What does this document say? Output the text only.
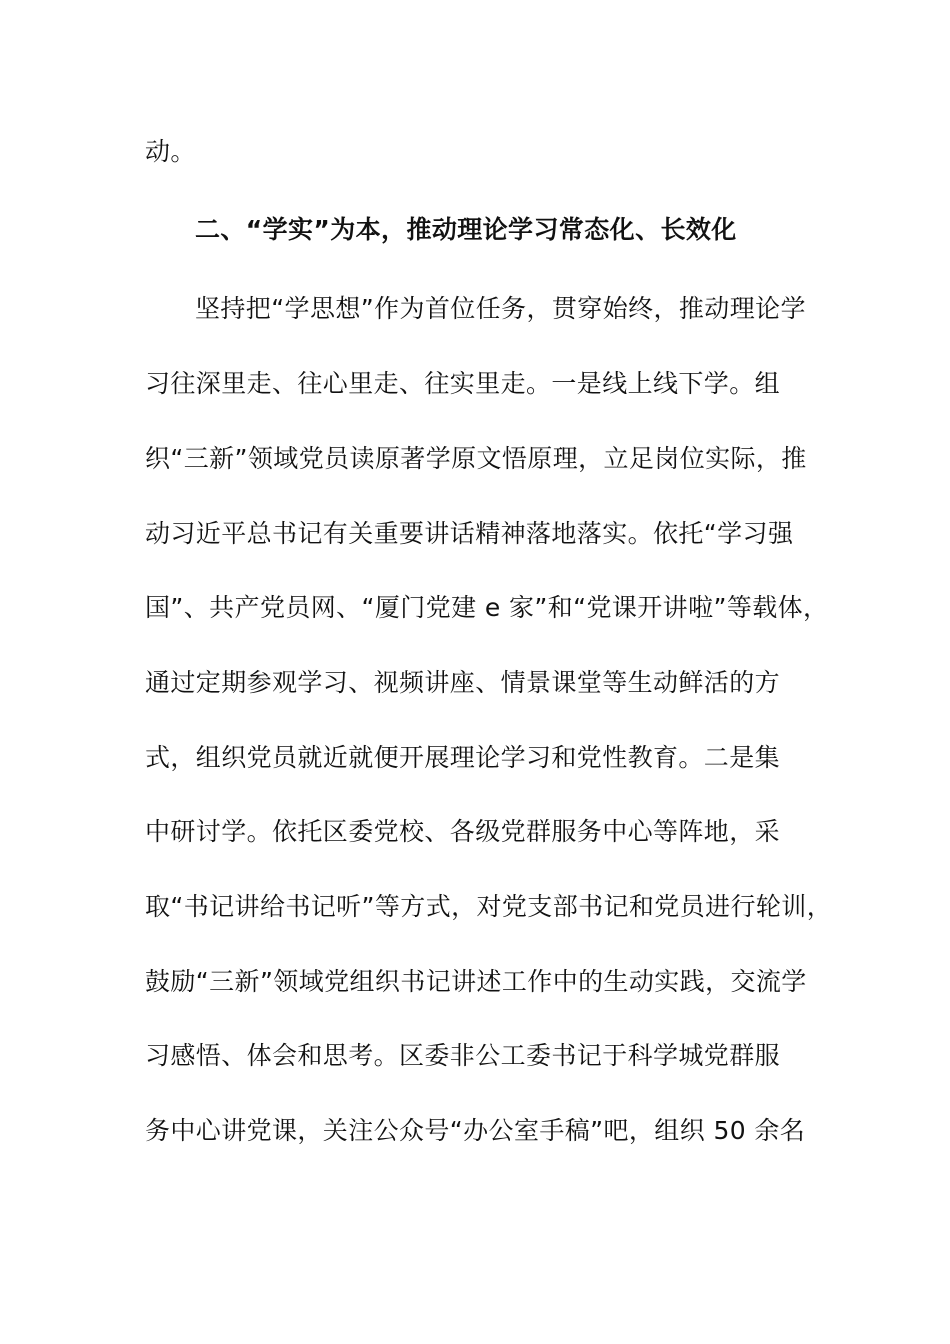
动。
二、“学实”为本，推动理论学习常态化、长效化
坚持把“学思想”作为首位任务，贯穿始终，推动理论学
习往深里走、往心里走、往实里走。一是线上线下学。组
织“三新”领域党员读原著学原文悟原理，立足岗位实际，推
动习近平总书记有关重要讲话精神落地落实。依托“学习强
国”、共产党员网、“厦门党建 e 家”和“党课开讲啦”等载体，
通过定期参观学习、视频讲座、情景课堂等生动鲜活的方
式，组织党员就近就便开展理论学习和党性教育。二是集
中研讨学。依托区委党校、各级党群服务中心等阵地，采
取“书记讲给书记听”等方式，对党支部书记和党员进行轮训，
鼓励“三新”领域党组织书记讲述工作中的生动实践，交流学
习感悟、体会和思考。区委非公工委书记于科学城党群服
务中心讲党课，关注公众号“办公室手稿”吧，组织 50 余名
